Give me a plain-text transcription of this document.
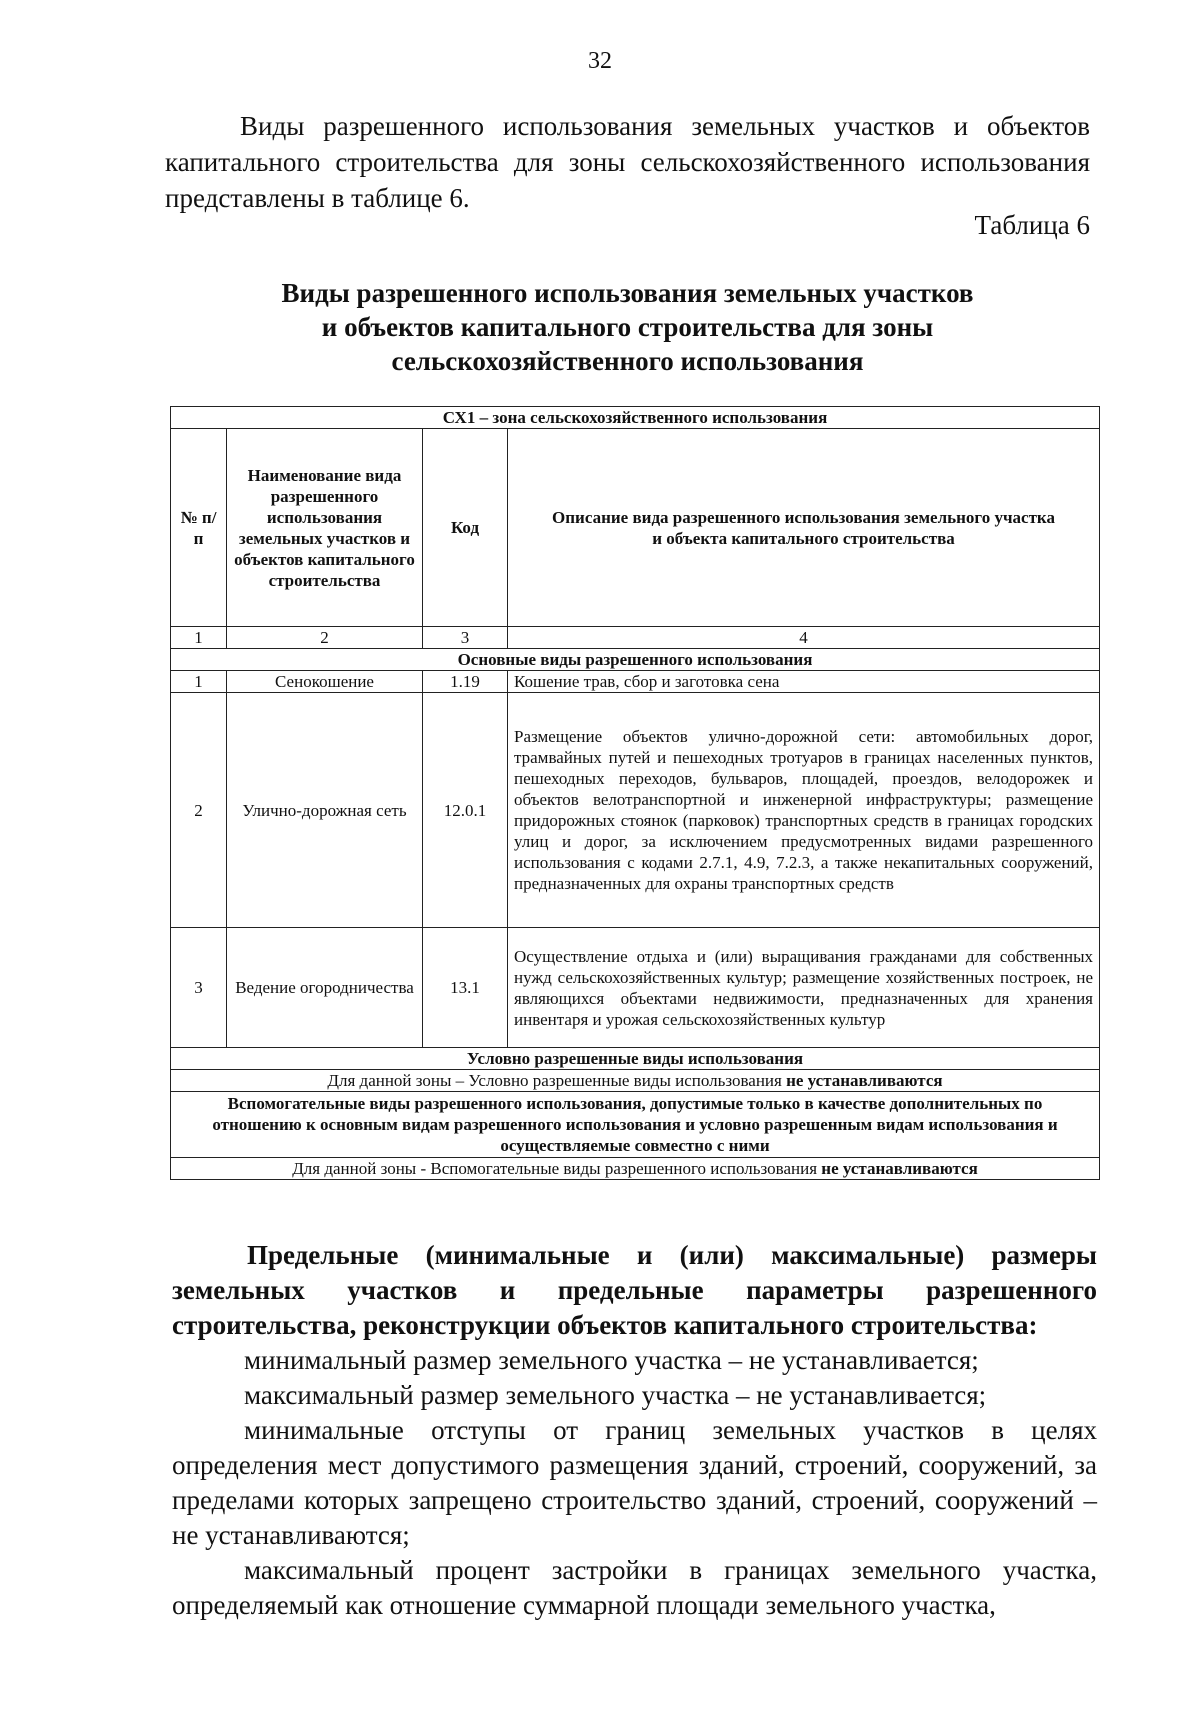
32

Виды разрешенного использования земельных участков и объектов капитального строительства для зоны сельскохозяйственного использования представлены в таблице 6.

Таблица 6
Виды разрешенного использования земельных участков
и объектов капитального строительства для зоны
сельскохозяйственного использования
СХ1 – зона сельскохозяйственного использования			
№ п/п	Наименование вида разрешенного использования земельных участков и объектов капитального строительства	Код	Описание вида разрешенного использования земельного участка и объекта капитального строительства
1	2	3	4
Основные виды разрешенного использования			
1	Сенокошение	1.19	Кошение трав, сбор и заготовка сена
2	Улично-дорожная сеть	12.0.1	Размещение объектов улично-дорожной сети: автомобильных дорог, трамвайных путей и пешеходных тротуаров в границах населенных пунктов, пешеходных переходов, бульваров, площадей, проездов, велодорожек и объектов велотранспортной и инженерной инфраструктуры; размещение придорожных стоянок (парковок) транспортных средств в границах городских улиц и дорог, за исключением предусмотренных видами разрешенного использования с кодами 2.7.1, 4.9, 7.2.3, а также некапитальных сооружений, предназначенных для охраны транспортных средств
3	Ведение огородничества	13.1	Осуществление отдыха и (или) выращивания гражданами для собственных нужд сельскохозяйственных культур; размещение хозяйственных построек, не являющихся объектами недвижимости, предназначенных для хранения инвентаря и урожая сельскохозяйственных культур
Условно разрешенные виды использования			
Для данной зоны – Условно разрешенные виды использования не устанавливаются			
Вспомогательные виды разрешенного использования, допустимые только в качестве дополнительных по отношению к основным видам разрешенного использования и условно разрешенным видам использования и осуществляемые совместно с ними			
Для данной зоны - Вспомогательные виды разрешенного использования не устанавливаются			

Предельные (минимальные и (или) максимальные) размеры земельных участков и предельные параметры разрешенного строительства, реконструкции объектов капитального строительства:

минимальный размер земельного участка – не устанавливается;

максимальный размер земельного участка – не устанавливается;

минимальные отступы от границ земельных участков в целях определения мест допустимого размещения зданий, строений, сооружений, за пределами которых запрещено строительство зданий, строений, сооружений – не устанавливаются;

максимальный процент застройки в границах земельного участка, определяемый как отношение суммарной площади земельного участка,
